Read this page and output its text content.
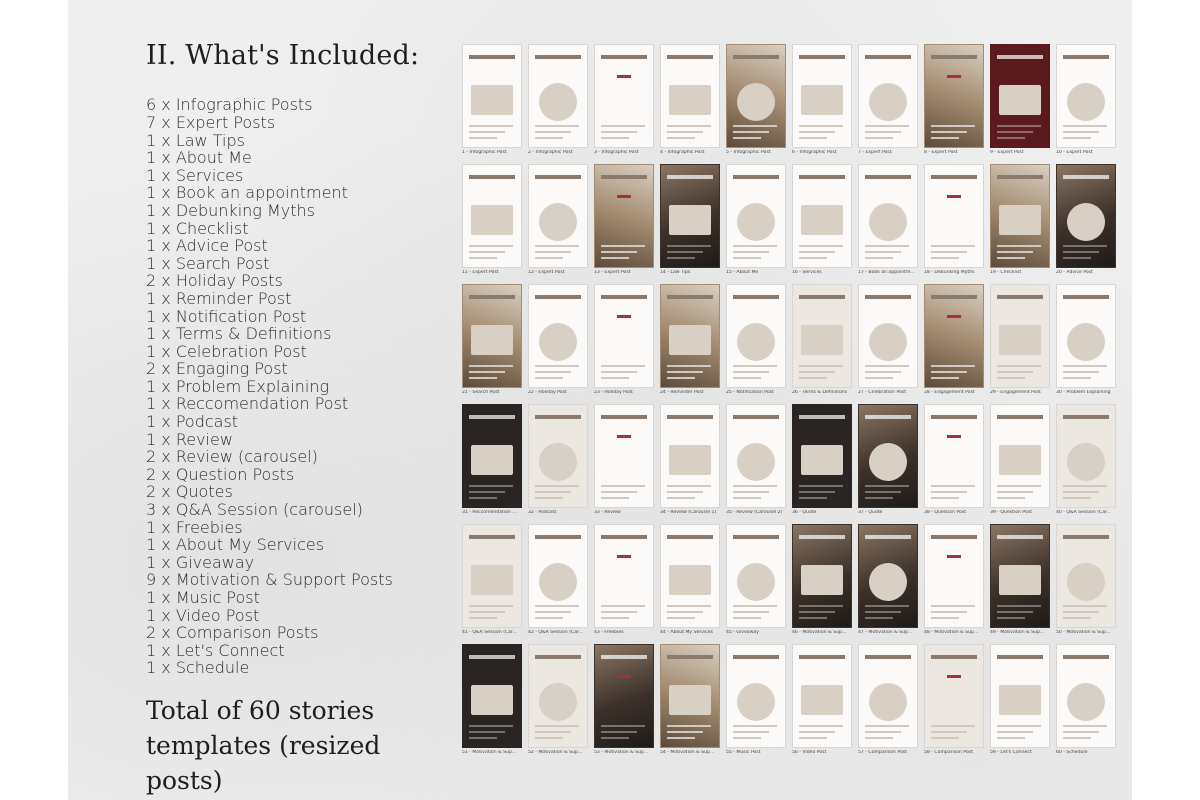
II. What's Included:
6 x Infographic Posts
7 x Expert Posts
1 x Law Tips
1 x About Me
1 x Services
1 x Book an appointment
1 x Debunking Myths
1 x Checklist
1 x Advice Post
1 x Search Post
2 x Holiday Posts
1 x Reminder Post
1 x Notification Post
1 x Terms & Definitions
1 x Celebration Post
2 x Engaging Post
1 x Problem Explaining
1 x Reccomendation Post
1 x Podcast
1 x Review
2 x Review (carousel)
2 x Question Posts
2 x Quotes
3 x Q&A Session (carousel)
1 x Freebies
1 x About My Services
1 x Giveaway
9 x Motivation & Support Posts
1 x Music Post
1 x Video Post
2 x Comparison Posts
1 x Let's Connect
1 x Schedule
Total of 60 stories templates (resized posts)
1 - Infographic Post	2 - Infographic Post	3 - Infographic Post	4 - Infographic Post	5 - Infographic Post	6 - Infographic Post	7 - Expert Post	8 - Expert Post	9 - Expert Post	10 - Expert Post
11 - Expert Post	12 - Expert Post	13 - Expert Post	14 - Law Tips	15 - About Me	16 - Services	17 - Book an appointm...	18 - Debunking Myths	19 - Checklist	20 - Advice Post
21 - Search Post	22 - Holiday Post	23 - Holiday Post	24 - Reminder Post	25 - Notification Post	26 - Terms & Definitions	27 - Celebration Post	28 - Engagement Post	29 - Engagement Post	30 - Problem Explaining
31 - Reccomendation ...	32 - Podcast	33 - Review	34 - Review (Carousel 1)	35 - Review (Carousel 2)	36 - Quote	37 - Quote	38 - Question Post	39 - Question Post	40 - Q&A Session (Car...
41 - Q&A Session (Car...	42 - Q&A Session (Car...	43 - Freebies	44 - About My Services	45 - Giveaway	46 - Motivation & Sup...	47 - Motivation & Sup...	48 - Motivation & Sup...	49 - Motivation & Sup...	50 - Motivation & Sup...
51 - Motivation & Sup...	52 - Motivation & Sup...	53 - Motivation & Sup...	54 - Motivation & Sup...	55 - Music Post	56 - Video Post	57 - Comparison Post	58 - Comparison Post	59 - Let's Connect	60 - Schedule
